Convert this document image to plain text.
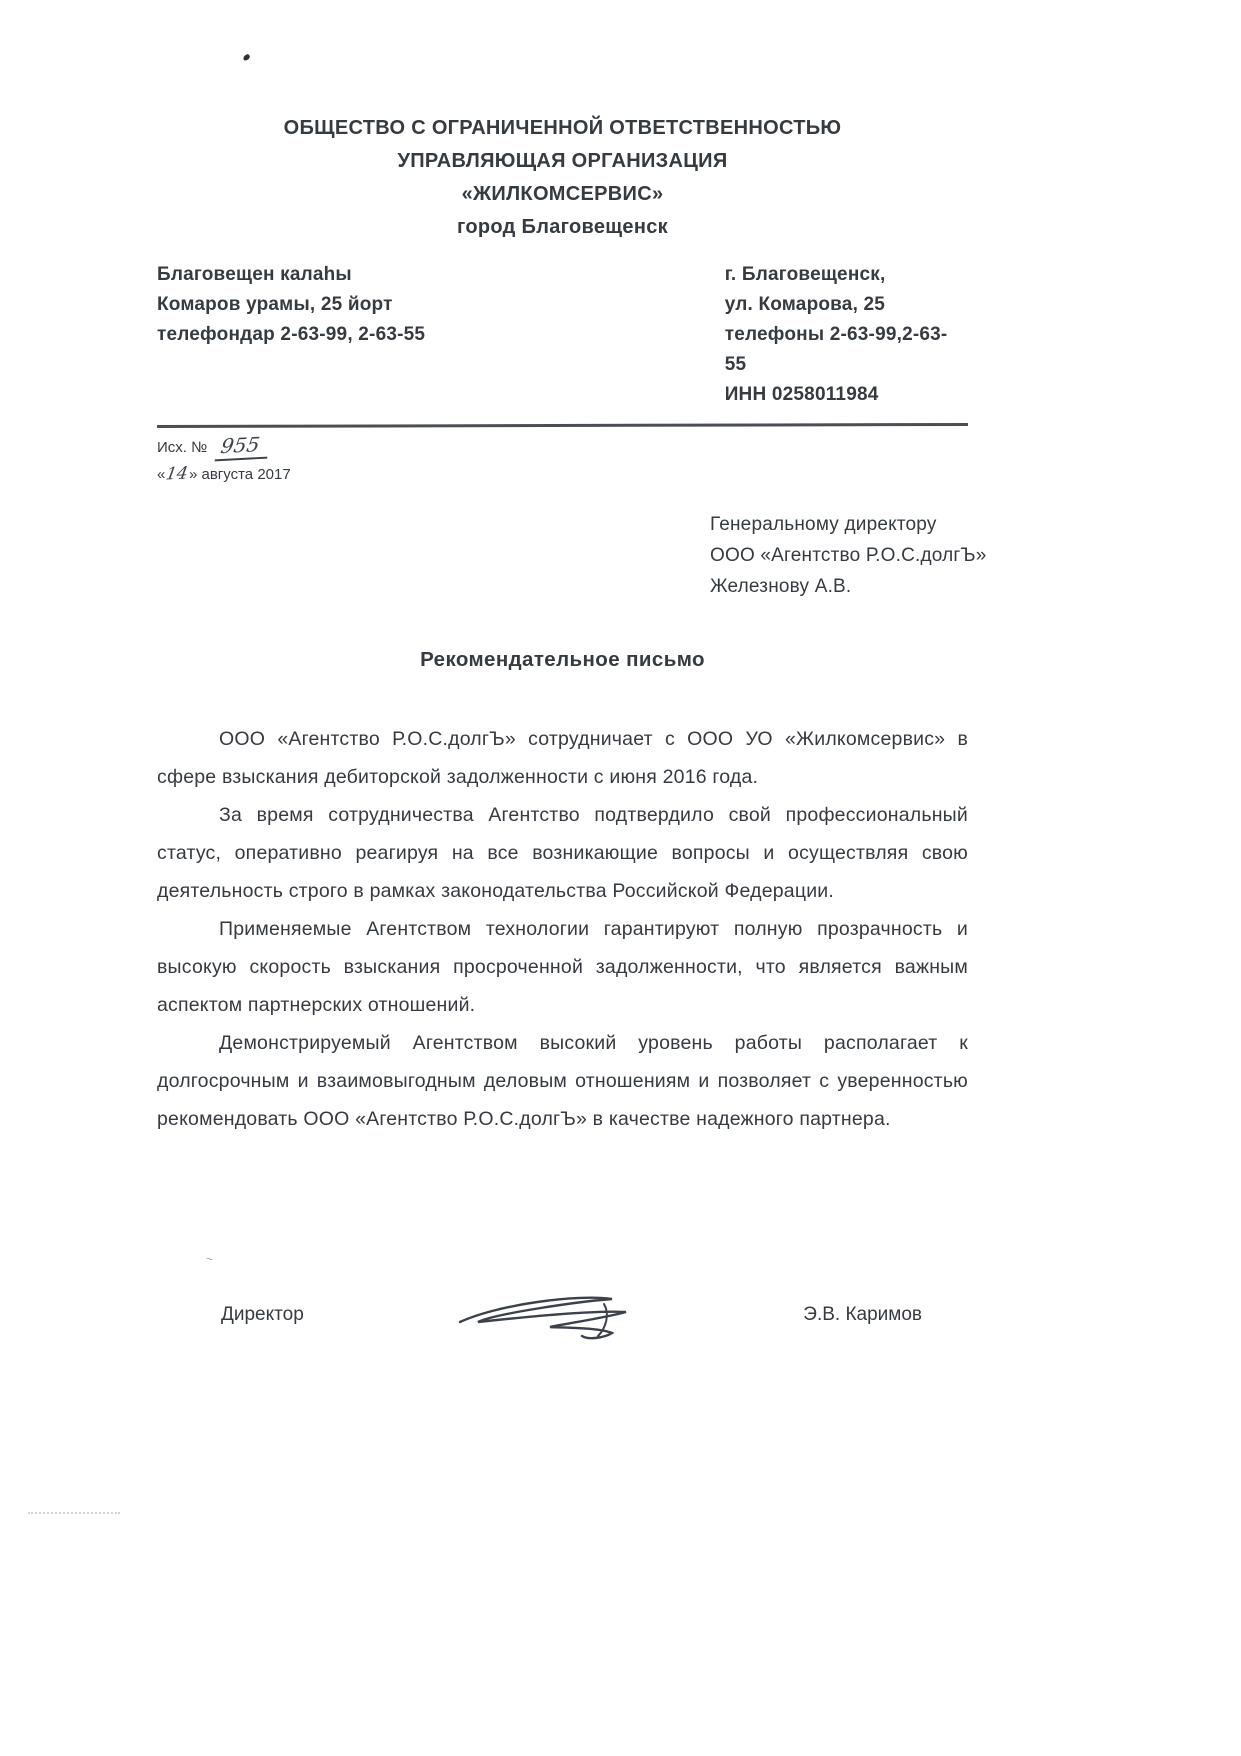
ОБЩЕСТВО С ОГРАНИЧЕННОЙ ОТВЕТСТВЕННОСТЬЮ
УПРАВЛЯЮЩАЯ ОРГАНИЗАЦИЯ
«ЖИЛКОМСЕРВИС»
город Благовещенск
Благовещен калаһы
Комаров урамы, 25 йорт
телефондар 2-63-99, 2-63-55
г. Благовещенск,
ул. Комарова, 25
телефоны 2-63-99,2-63-55
ИНН 0258011984
Исх. № 955
«14» августа 2017
Генеральному директору
ООО «Агентство Р.О.С.долгЪ»
Железнову А.В.
Рекомендательное письмо

ООО «Агентство Р.О.С.долгЪ» сотрудничает с ООО УО «Жилкомсервис» в сфере взыскания дебиторской задолженности с июня 2016 года.

За время сотрудничества Агентство подтвердило свой профессиональный статус, оперативно реагируя на все возникающие вопросы и осуществляя свою деятельность строго в рамках законодательства Российской Федерации.

Применяемые Агентством технологии гарантируют полную прозрачность и высокую скорость взыскания просроченной задолженности, что является важным аспектом партнерских отношений.

Демонстрируемый Агентством высокий уровень работы располагает к долгосрочным и взаимовыгодным деловым отношениям и позволяет с уверенностью рекомендовать ООО «Агентство Р.О.С.долгЪ» в качестве надежного партнера.

Директор	Э.В. Каримов
~
